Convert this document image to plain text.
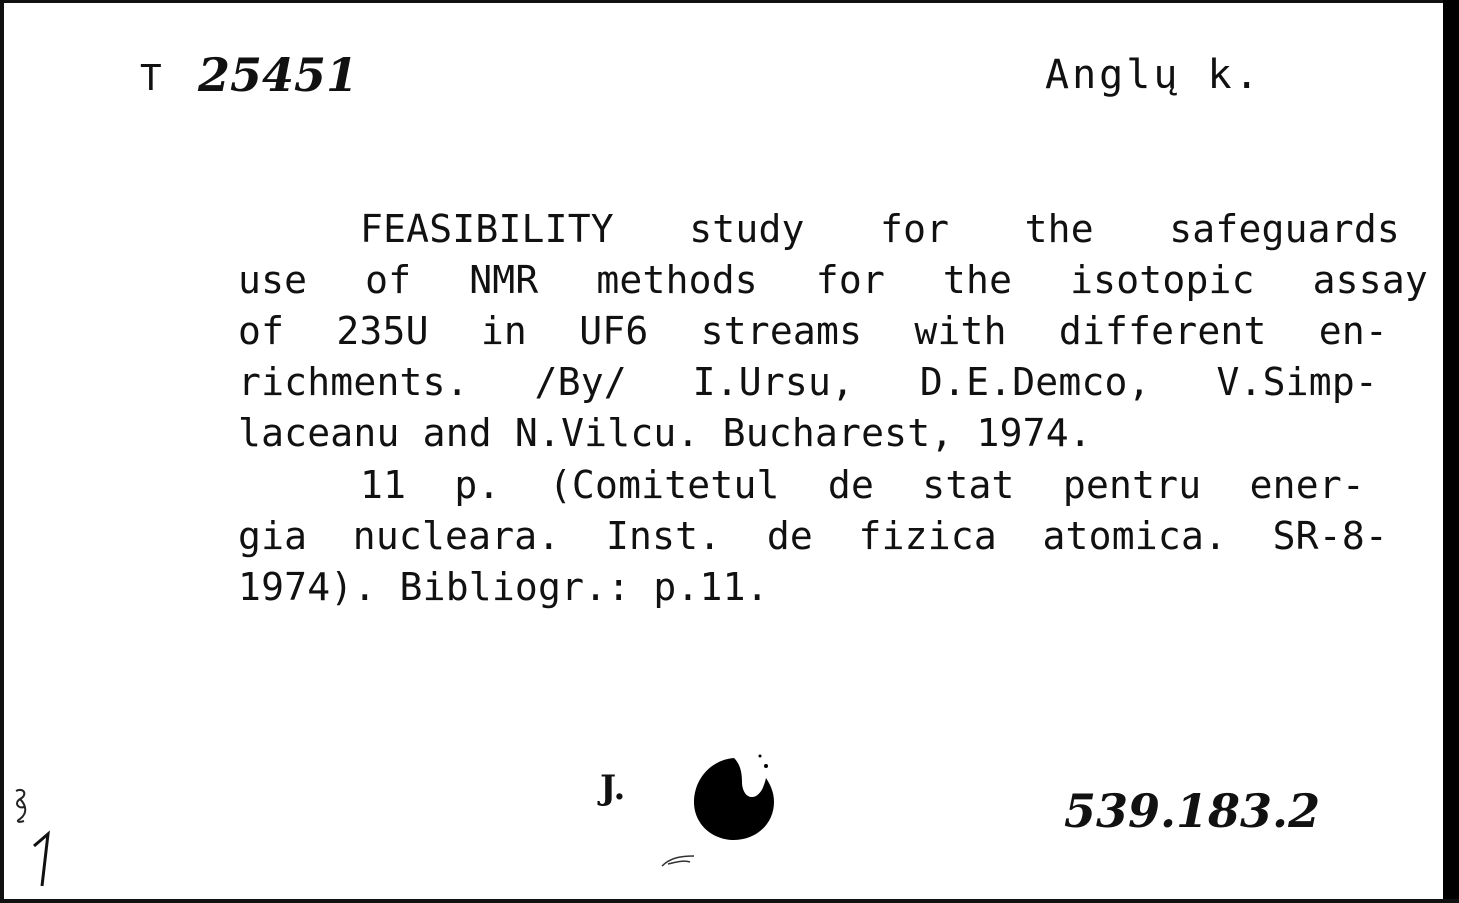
T 25451	Anglų k.
FEASIBILITY study for the safeguards
use of NMR methods for the isotopic assay
of 235U in UF6 streams with different en-
richments. /By/ I.Ursu, D.E.Demco, V.Simp-
laceanu and N.Vilcu. Bucharest, 1974.
11 p. (Comitetul de stat pentru ener-
gia nucleara. Inst. de fizica atomica. SR-8-
1974). Bibliogr.: p.11.
J.	539.183.2
